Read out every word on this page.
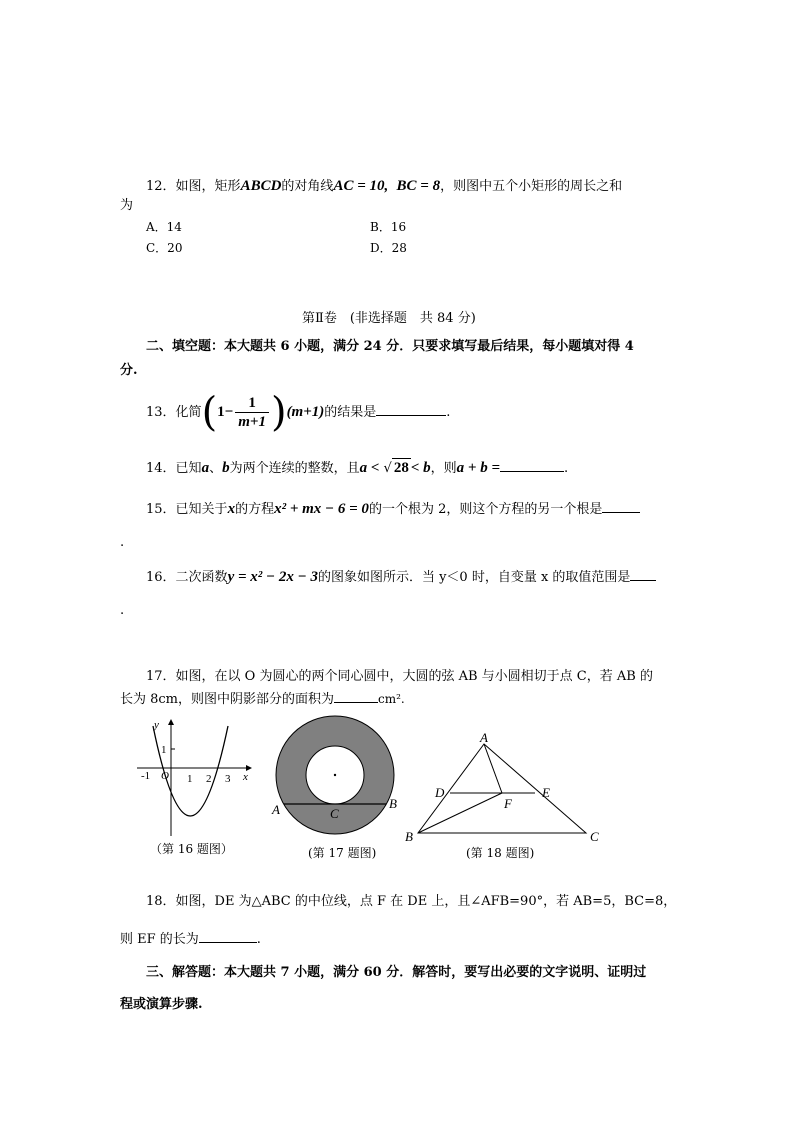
12．如图，矩形ABCD的对角线AC = 10, BC = 8，则图中五个小矩形的周长之和
为
A．14	B．16
C．20	D．28
第Ⅱ卷　(非选择题　共 84 分)
二、填空题：本大题共 6 小题，满分 24 分．只要求填写最后结果，每小题填对得 4
分.
13．化简$(1- \frac{1}{m+1} )(m+1)$的结果是	.
14．已知a、b为两个连续的整数，且a < √ 28 < b，则a + b =	.
15．已知关于x的方程x² + mx − 6 = 0的一个根为 2，则这个方程的另一个根是
.
16．二次函数y = x² − 2x − 3的图象如图所示．当 y＜0 时，自变量 x 的取值范围是
.
17．如图，在以 O 为圆心的两个同心圆中，大圆的弦 AB 与小圆相切于点 C，若 AB 的
长为 8cm，则图中阴影部分的面积为	cm².
y
x
O
-1	1 2 3
1
（第 16 题图）
A	B
C
(第 17 题图)
A
B	C
D	E
F
(第 18 题图)
18．如图，DE 为△ABC 的中位线，点 F 在 DE 上，且∠AFB=90°，若 AB=5，BC=8，
则 EF 的长为	.
三、解答题：本大题共 7 小题，满分 60 分．解答时，要写出必要的文字说明、证明过
程或演算步骤.
